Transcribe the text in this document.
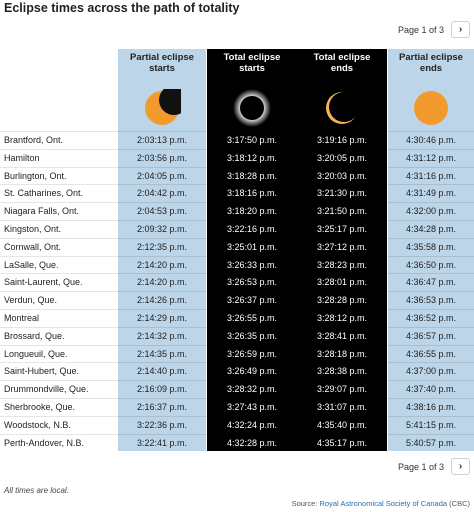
Eclipse times across the path of totality
Page 1 of 3 ›
Partial eclipse starts
Total eclipse starts
Total eclipse ends
Partial eclipse ends
Brantford, Ont.	2:03:13 p.m.	3:17:50 p.m.	3:19:16 p.m.	4:30:46 p.m.
Hamilton	2:03:56 p.m.	3:18:12 p.m.	3:20:05 p.m.	4:31:12 p.m.
Burlington, Ont.	2:04:05 p.m.	3:18:28 p.m.	3:20:03 p.m.	4:31:16 p.m.
St. Catharines, Ont.	2:04:42 p.m.	3:18:16 p.m.	3:21:30 p.m.	4:31:49 p.m.
Niagara Falls, Ont.	2:04:53 p.m.	3:18:20 p.m.	3:21:50 p.m.	4:32:00 p.m.
Kingston, Ont.	2:09:32 p.m.	3:22:16 p.m.	3:25:17 p.m.	4:34:28 p.m.
Cornwall, Ont.	2:12:35 p.m.	3:25:01 p.m.	3:27:12 p.m.	4:35:58 p.m.
LaSalle, Que.	2:14:20 p.m.	3:26:33 p.m.	3:28:23 p.m.	4:36:50 p.m.
Saint-Laurent, Que.	2:14:20 p.m.	3:26:53 p.m.	3:28:01 p.m.	4:36:47 p.m.
Verdun, Que.	2:14:26 p.m.	3:26:37 p.m.	3:28:28 p.m.	4:36:53 p.m.
Montreal	2:14:29 p.m.	3:26:55 p.m.	3:28:12 p.m.	4:36:52 p.m.
Brossard, Que.	2:14:32 p.m.	3:26:35 p.m.	3:28:41 p.m.	4:36:57 p.m.
Longueuil, Que.	2:14:35 p.m.	3:26:59 p.m.	3:28:18 p.m.	4:36:55 p.m.
Saint-Hubert, Que.	2:14:40 p.m.	3:26:49 p.m.	3:28:38 p.m.	4:37:00 p.m.
Drummondville, Que.	2:16:09 p.m.	3:28:32 p.m.	3:29:07 p.m.	4:37:40 p.m.
Sherbrooke, Que.	2:16:37 p.m.	3:27:43 p.m.	3:31:07 p.m.	4:38:16 p.m.
Woodstock, N.B.	3:22:36 p.m.	4:32:24 p.m.	4:35:40 p.m.	5:41:15 p.m.
Perth-Andover, N.B.	3:22:41 p.m.	4:32:28 p.m.	4:35:17 p.m.	5:40:57 p.m.
Page 1 of 3 ›
All times are local.
Source: Royal Astronomical Society of Canada (CBC)
